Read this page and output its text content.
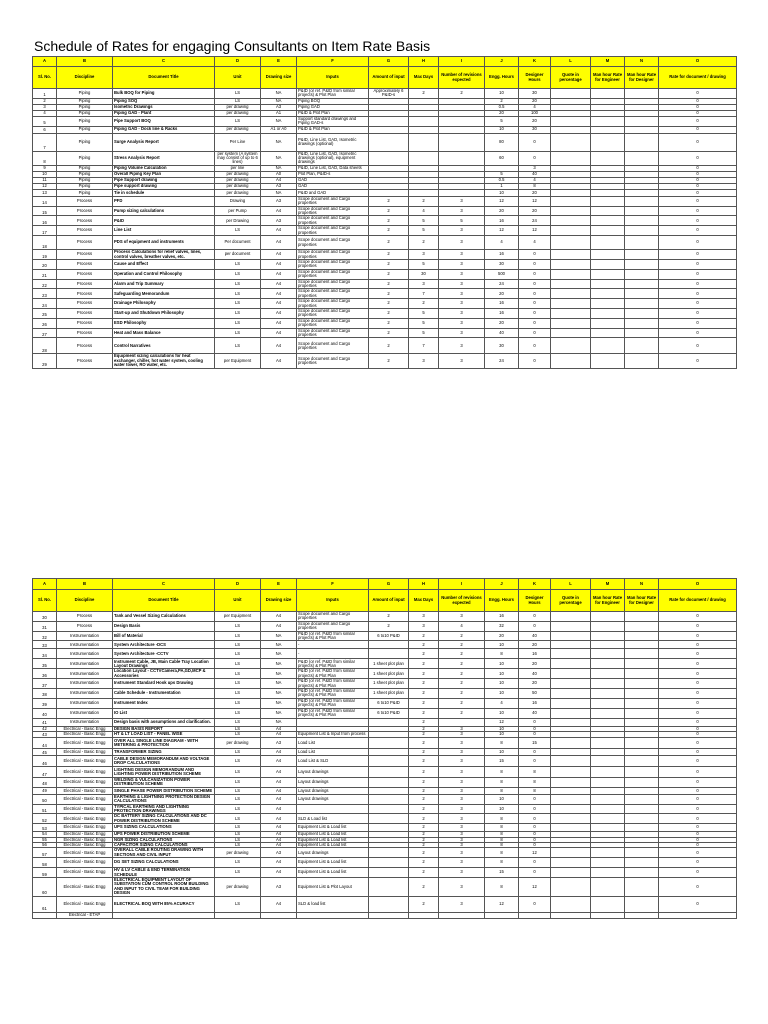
Schedule of Rates for engaging Consultants on Item Rate Basis
A	B	C	D	E	F	G	H	I	J	K	L	M	N	O
Sl. No.	Discipline	Document Title	Unit	Drawing size	Inputs	Amount of input	Max Days	Number of revisions expected	Engg. Hours	Designer Hours	Quote in percentage	Man hour Rate for Engineer	Man hour Rate for Designer	Rate for document / drawing
1	Piping	Bulk BOQ for Piping	LS	NA	P&ID (or ref. P&ID from similar projects) & Plot Plan	Approximately 6 P&ID-s	2	2	10	30				0
2	Piping	Piping SOQ	LS	NA	Piping BOQ				2	20				0
3	Piping	Isometric Drawings	per drawing	A3	Piping GAD				0.5	4				0
4	Piping	Piping GAD - Plant	per drawing	A1	P&ID & Plot Plan				20	100				0
5	Piping	Pipe Support BOQ	LS	NA	Support standard drawings and Piping GAD-s				5	20				0
6	Piping	Piping GAD - Dock line & Racks	per drawing	A1 or A0	P&ID & Plot Plan				10	30				0
7	Piping	Surge Analysis Report	Per Line	NA	P&ID, Line List, GAD, Isometric drawings (optional)				80	0				0
8	Piping	Stress Analysis Report	per system (A system may consist of up to 6 lines)	NA	P&ID, Line List, GAD, Isometric drawings (optional), equipment drawings				60	0				0
9	Piping	Piping Volume Calculation	per line	NA	P&ID, Line List, GAD, Data sheets					3				0
10	Piping	Overall Piping Key Plan	per drawing	A0	Plot Plan, P&ID-s				5	40				0
11	Piping	Pipe Support drawing	per drawing	A4	GAD				0.5	4				0
12	Piping	Pipe support drawing	per drawing	A3	GAD				1	8				0
13	Piping	Tie in schedule	per drawing	NA	P&ID and GAD				10	20				0
14	Process	PFD	Drawing	A3	Scope document and Cargo properties	2	2	3	12	12				0
15	Process	Pump sizing calculations	per Pump	A4	Scope document and Cargo properties	2	4	3	20	20				0
16	Process	P&ID	per Drawing	A3	Scope document and Cargo properties	2	5	5	16	24				0
17	Process	Line List	LS	A4	Scope document and Cargo properties	2	5	3	12	12				0
18	Process	PDS of equipment and instruments	Per document	A4	Scope document and Cargo properties	2	2	3	4	4				0
19	Process	Process Calculations for relief valves, lines, control valves, breather valves, etc.	per document	A4	Scope document and Cargo properties	2	3	3	16	0				0
20	Process	Cause and Effect	LS	A4	Scope document and Cargo properties	2	5	3	30	0				0
21	Process	Operation and Control Philosophy	LS	A4	Scope document and Cargo properties	2	30	3	500	0				0
22	Process	Alarm and Trip Summary	LS	A4	Scope document and Cargo properties	2	3	3	24	0				0
23	Process	Safeguarding Memorandum	LS	A4	Scope document and Cargo properties	2	7	3	20	0				0
24	Process	Drainage Philosophy	LS	A4	Scope document and Cargo properties	2	2	3	16	0				0
25	Process	Start-up and Shutdown Philosophy	LS	A4	Scope document and Cargo properties	2	5	3	16	0				0
26	Process	ESD Philosophy	LS	A4	Scope document and Cargo properties	2	5	3	20	0				0
27	Process	Heat and Mass Balance	LS	A4	Scope document and Cargo properties	2	5	3	40	0				0
28	Process	Control Narratives	LS	A4	Scope document and Cargo properties	2	7	3	30	0				0
29	Process	Equipment sizing calculations for heat exchanger, chiller, hot water system, cooling water tower, RO water, etc.	per Equipment	A4	Scope document and Cargo properties	2	3	3	24	0				0
A	B	C	D	E	F	G	H	I	J	K	L	M	N	O
Sl. No.	Discipline	Document Title	Unit	Drawing size	Inputs	Amount of input	Max Days	Number of revisions expected	Engg. Hours	Designer Hours	Quote in percentage	Man hour Rate for Engineer	Man hour Rate for Designer	Rate for document / drawing
30	Process	Tank and Vessel Sizing Calculations	per Equipment	A4	Scope document and Cargo properties	2	3	3	16	0				0
31	Process	Design Basis	LS	A4	Scope document and Cargo properties	2	3	4	32	0				0
32	Instrumentation	Bill of Material	LS	NA	P&ID (or ref. P&ID from similar projects) & Plot Plan	6 to10 P&ID	2	2	20	40				0
33	Instrumentation	System Architecture -DCS	LS	NA	-		2	2	10	20				0
34	Instrumentation	System Architecture -CCTV	LS	NA	-		2	2	8	16				0
35	Instrumentation	Instrument Cable, JB, Main Cable Tray Location Layout Drawings	LS	NA	P&ID (or ref. P&ID from similar projects) & Plot Plan	1 sheet plot plan	2	2	10	20				0
36	Instrumentation	Location Layout - CCTVCamera,PA,GD,MCP & Accessories	LS	NA	P&ID (or ref. P&ID from similar projects) & Plot Plan	1 sheet plot plan	2	2	10	40				0
37	Instrumentation	Instrument Standard Hook ups Drawing	LS	NA	P&ID (or ref. P&ID from similar projects) & Plot Plan	1 sheet plot plan	2	2	10	20				0
38	Instrumentation	Cable Schedule - Instrumentation	LS	NA	P&ID (or ref. P&ID from similar projects) & Plot Plan	1 sheet plot plan	2	2	10	50				0
39	Instrumentation	Instrument Index	LS	NA	P&ID (or ref. P&ID from similar projects) & Plot Plan	6 to10 P&ID	2	2	4	16				0
40	Instrumentation	IO List	LS	NA	P&ID (or ref. P&ID from similar projects) & Plot Plan	6 to10 P&ID	2	2	10	40				0
41	Instrumentation	Design basis with assumptions and clarification.	LS	NA			2		12	0				0
42	Electrical - Basic Engg	DESIGN BASIS REPORT	LS	A4			2	3	10	0				0
43	Electrical - Basic Engg	HT & LT LOAD LIST - PANEL WISE	LS	A4	Equipment List & Input from process		2	3	10	0				0
44	Electrical - Basic Engg	OVER ALL SINGLE LINE DIAGRAM - WITH METERING & PROTECTION	per drawing	A3	Load List		2	3	8	15				0
45	Electrical - Basic Engg	TRANSFORMER SIZING	LS	A4	Load List		2	3	10	0				0
46	Electrical - Basic Engg	CABLE DESIGN MEMORANDUM AND VOLTAGE DROP CALCULATIONS	LS	A4	Load List & SLD		2	3	15	0				0
47	Electrical - Basic Engg	LIGHTING DESIGN MEMORANDUM AND LIGHTING POWER DISTRIBUTION SCHEME	LS	A4	Layout drawings		2	3	8	8				0
48	Electrical - Basic Engg	WELDING & VULCANIZATION POWER DISTRIBUTION SCHEME	LS	A4	Layout drawings		2	3	8	8				0
49	Electrical - Basic Engg	SINGLE PHASE POWER DISTRIBUTION SCHEME	LS	A4	Layout drawings		2	3	8	8				0
50	Electrical - Basic Engg	EARTHING & LIGHTNING PROTECTION DESIGN CALCULATIONS	LS	A4	Layout drawings		2	3	10	0				0
51	Electrical - Basic Engg	TYPICAL EARTHING AND LIGHTNING PROTECTION DRAWINGS	LS	A4			2	3	10	0				0
52	Electrical - Basic Engg	DC BATTERY SIZING CALCULATIONS AND DC POWER DISTRIBUTION SCHEME	LS	A4	SLD & Load list		2	3	8	0				0
53	Electrical - Basic Engg	UPS SIZING CALCULATIONS	LS	A4	Equipment List & Load list		2	3	8	0				0
54	Electrical - Basic Engg	UPS POWER DISTRIBUTION SCHEME	LS	A4	Equipment List & Load list		2	3	8	0				0
55	Electrical - Basic Engg	NGR SIZING CALCULATIONS	LS	A4	Equipment List & Load list		2	3	8	0				0
56	Electrical - Basic Engg	CAPACITOR SIZING CALCULATIONS	LS	A4	Equipment List & Load list		2	3	8	0				0
57	Electrical - Basic Engg	OVERALL CABLE ROUTING DRAWING WITH SECTIONS AND CIVIL INPUT	per drawing	A3	Layout drawings		2	3	8	12				0
58	Electrical - Basic Engg	DG SET SIZING CALCULATIONS	LS	A4	Equipment List & Load list		2	3	8	0				0
59	Electrical - Basic Engg	HV & LV CABLE & END TERMINATION SCHEDULE	LS	A4	Equipment List & Load list		2	3	15	0				0
60	Electrical - Basic Engg	ELECTRICAL EQUIPMENT LAYOUT OF SUBSTATION CUM CONTROL ROOM BUILDING AND INPUT TO CIVIL TEAM FOR BUILDING DESIGN	per drawing	A3	Equipment List & Plot Layout		2	3	8	12				0
61	Electrical - Basic Engg	ELECTRICAL BOQ WITH 85% ACURACY	LS	A4	SLD & load list		2	3	12	0				0
	Electrical - ETAP													
